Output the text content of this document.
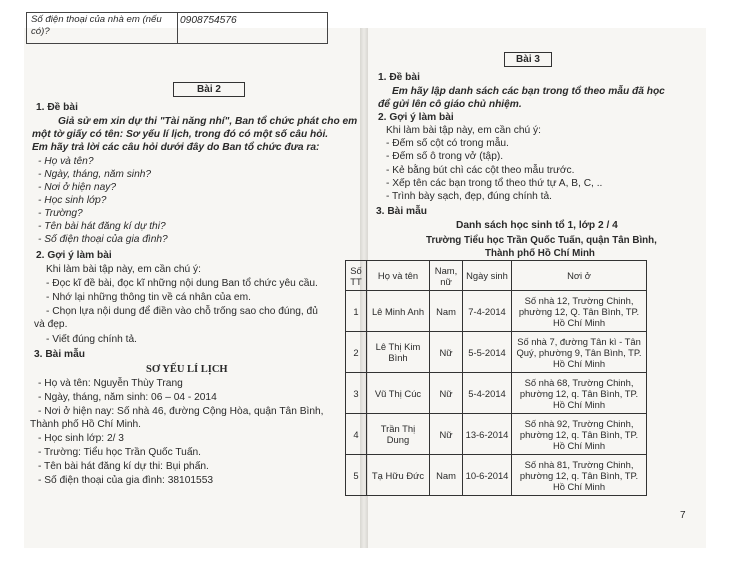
Số điện thoại của nhà em (nếu có)?
0908754576
Bài 2
1. Đề bài
Giả sử em xin dự thi "Tài năng nhí", Ban tổ chức phát cho em
một tờ giấy có tên: Sơ yếu lí lịch, trong đó có một số câu hỏi.
Em hãy trả lời các câu hỏi dưới đây do Ban tổ chức đưa ra:
- Họ và tên?
- Ngày, tháng, năm sinh?
- Nơi ở hiện nay?
- Học sinh lớp?
- Trường?
- Tên bài hát đăng kí dự thi?
- Số điện thoại của gia đình?
2. Gợi ý làm bài
Khi làm bài tập này, em cần chú ý:
- Đọc kĩ đề bài, đọc kĩ những nội dung Ban tổ chức yêu cầu.
- Nhớ lại những thông tin về cá nhân của em.
- Chọn lựa nội dung để điền vào chỗ trống sao cho đúng, đủ
và đẹp.
- Viết đúng chính tả.
3. Bài mẫu
SƠ YẾU LÍ LỊCH
- Họ và tên: Nguyễn Thùy Trang
- Ngày, tháng, năm sinh: 06 – 04 - 2014
- Nơi ở hiện nay: Số nhà 46, đường Cộng Hòa, quận Tân Bình,
Thành phố Hồ Chí Minh.
- Học sinh lớp: 2/ 3
- Trường: Tiểu học Trần Quốc Tuấn.
- Tên bài hát đăng kí dự thi: Bụi phấn.
- Số điện thoại của gia đình: 38101553
Bài 3
1. Đề bài
Em hãy lập danh sách các bạn trong tổ theo mẫu đã học
để gửi lên cô giáo chủ nhiệm.
2. Gợi ý làm bài
Khi làm bài tập này, em cần chú ý:
- Đếm số cột có trong mẫu.
- Đếm số ô trong vở (tập).
- Kẻ bằng bút chì các cột theo mẫu trước.
- Xếp tên các bạn trong tổ theo thứ tự A, B, C, ..
- Trình bày sạch, đẹp, đúng chính tả.
3. Bài mẫu
Danh sách học sinh tổ 1, lớp 2 / 4
Trường Tiểu học Trần Quốc Tuấn, quận Tân Bình,
Thành phố Hồ Chí Minh
Số TT	Họ và tên	Nam, nữ	Ngày sinh	Nơi ở
1	Lê Minh Anh	Nam	7-4-2014	Số nhà 12, Trường Chinh, phường 12, Q. Tân Bình, TP. Hồ Chí Minh
2	Lê Thị Kim Bình	Nữ	5-5-2014	Số nhà 7, đường Tân kì - Tân Quý, phường 9, Tân Bình, TP. Hồ Chí Minh
3	Vũ Thị Cúc	Nữ	5-4-2014	Số nhà 68, Trường Chinh, phường 12, q. Tân Bình, TP. Hồ Chí Minh
4	Trần Thị Dung	Nữ	13-6-2014	Số nhà 92, Trường Chinh, phường 12, q. Tân Bình, TP. Hồ Chí Minh
5	Tạ Hữu Đức	Nam	10-6-2014	Số nhà 81, Trường Chinh, phường 12, q. Tân Bình, TP. Hồ Chí Minh
7
